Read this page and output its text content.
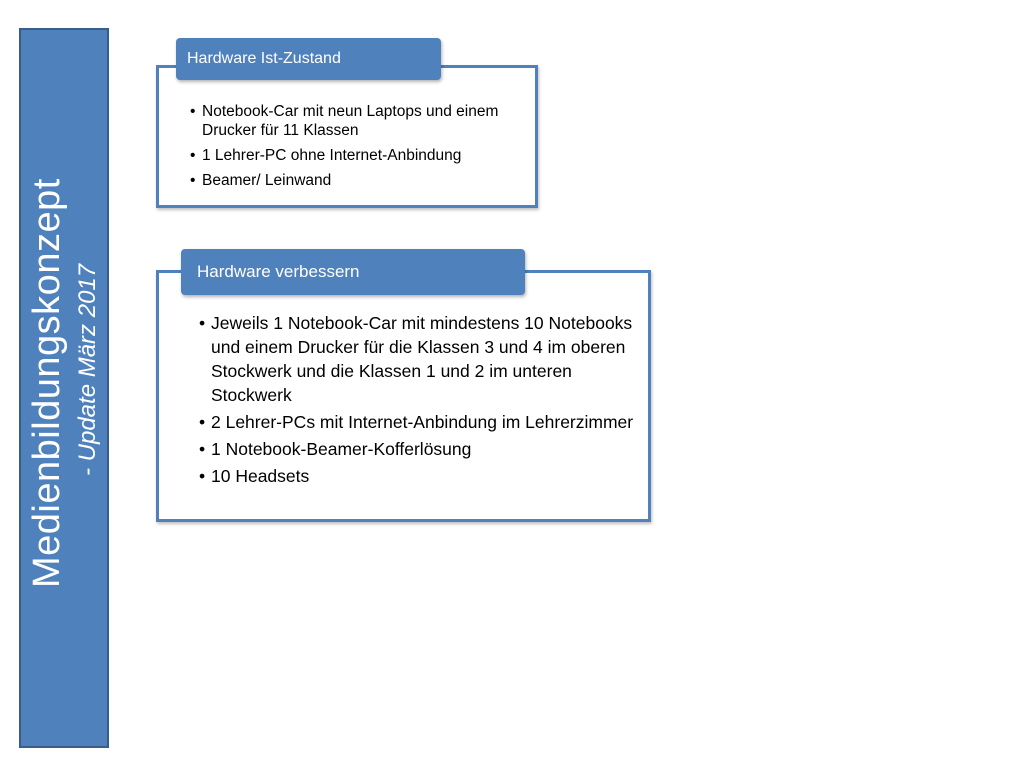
Medienbildungskonzept - Update März 2017
• Notebook-Car mit neun Laptops und einem Drucker für 11 Klassen
• 1 Lehrer-PC ohne Internet-Anbindung
• Beamer/ Leinwand
Hardware Ist-Zustand
• Jeweils 1 Notebook-Car mit mindestens 10 Notebooks und einem Drucker für die Klassen 3 und 4 im oberen Stockwerk und die Klassen 1 und 2 im unteren Stockwerk
• 2 Lehrer-PCs mit Internet-Anbindung im Lehrerzimmer
• 1 Notebook-Beamer-Kofferlösung
• 10 Headsets
Hardware verbessern
